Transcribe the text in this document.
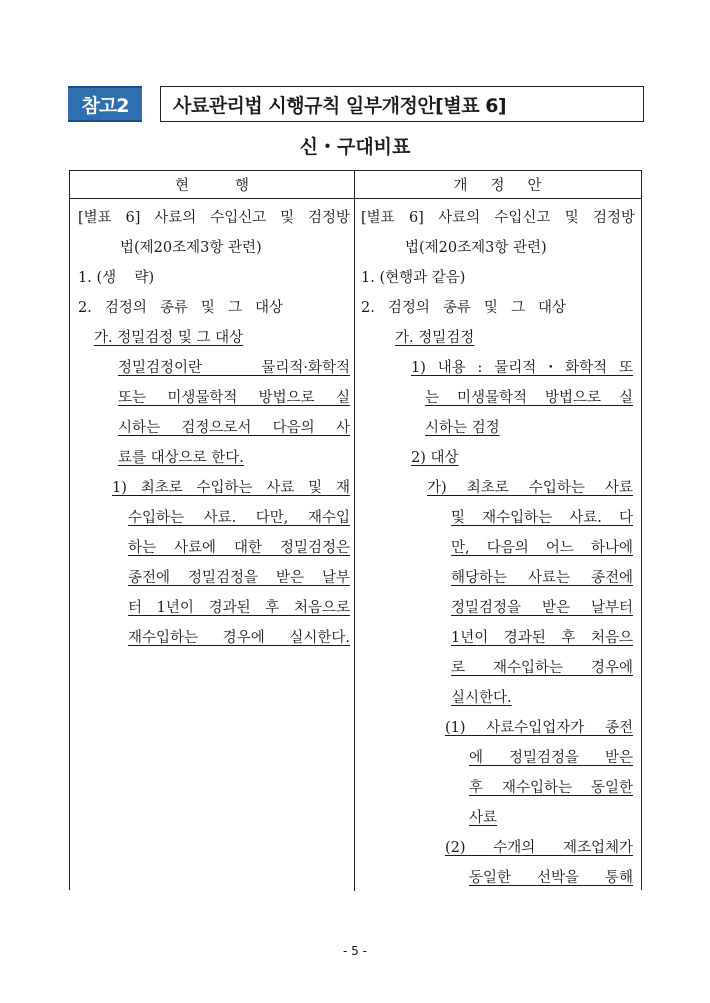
참고2	사료관리법 시행규칙 일부개정안[별표 6]
신・구대비표
현          행	개     정     안
[별표 6] 사료의 수입신고 및 검정방
법(제20조제3항 관련)
1. (생    략)
2. 검정의 종류 및 그 대상
가. 정밀검정 및 그 대상
정밀검정이란 물리적·화학적
또는 미생물학적 방법으로 실
시하는 검정으로서 다음의 사
료를 대상으로 한다.
1) 최초로 수입하는 사료 및 재
수입하는 사료. 다만, 재수입
하는 사료에 대한 정밀검정은
종전에 정밀검정을 받은 날부
터 1년이 경과된 후 처음으로
재수입하는 경우에 실시한다.
[별표 6] 사료의 수입신고 및 검정방
법(제20조제3항 관련)
1. (현행과 같음)
2. 검정의 종류 및 그 대상
가. 정밀검정
1) 내용 : 물리적・화학적 또
는 미생물학적 방법으로 실
시하는 검정
2) 대상
가) 최초로 수입하는 사료
및 재수입하는 사료. 다
만, 다음의 어느 하나에
해당하는 사료는 종전에
정밀검정을 받은 날부터
1년이 경과된 후 처음으
로 재수입하는 경우에
실시한다.
(1) 사료수입업자가 종전
에 정밀검정을 받은
후 재수입하는 동일한
사료
(2) 수개의 제조업체가
동일한 선박을 통해
- 5 -
